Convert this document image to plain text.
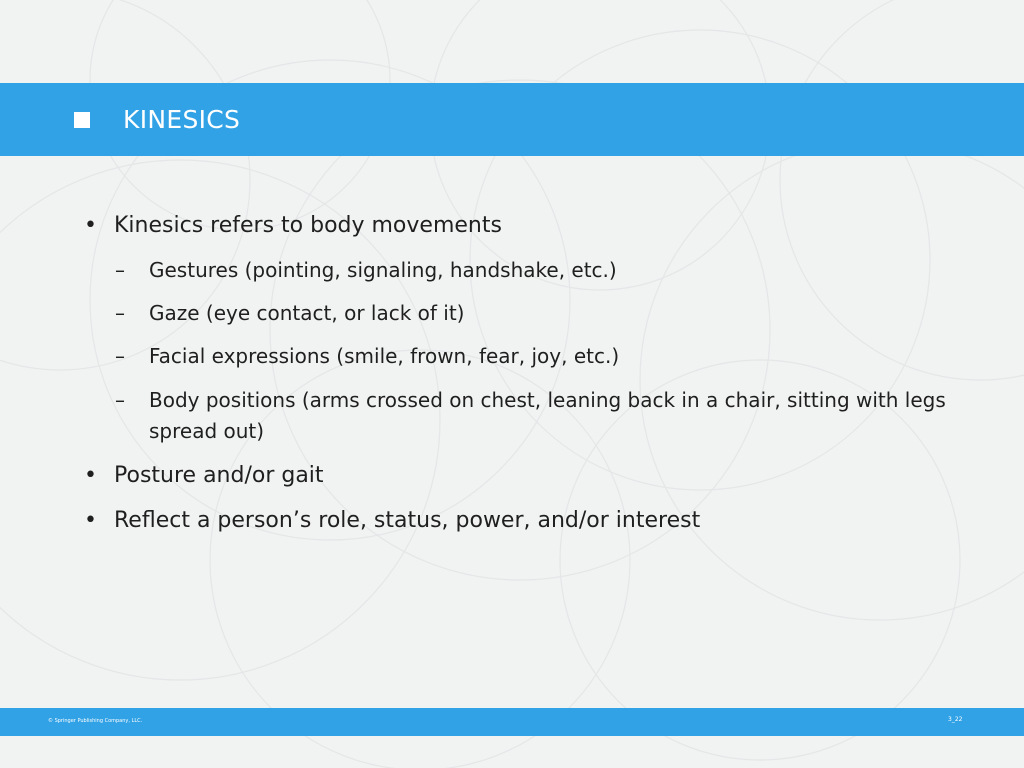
KINESICS
• Kinesics refers to body movements
– Gestures (pointing, signaling, handshake, etc.)
– Gaze (eye contact, or lack of it)
– Facial expressions (smile, frown, fear, joy, etc.)
– Body positions (arms crossed on chest, leaning back in a chair, sitting with legs spread out)
• Posture and/or gait
• Reflect a person’s role, status, power, and/or interest
© Springer Publishing Company, LLC.	3_22
